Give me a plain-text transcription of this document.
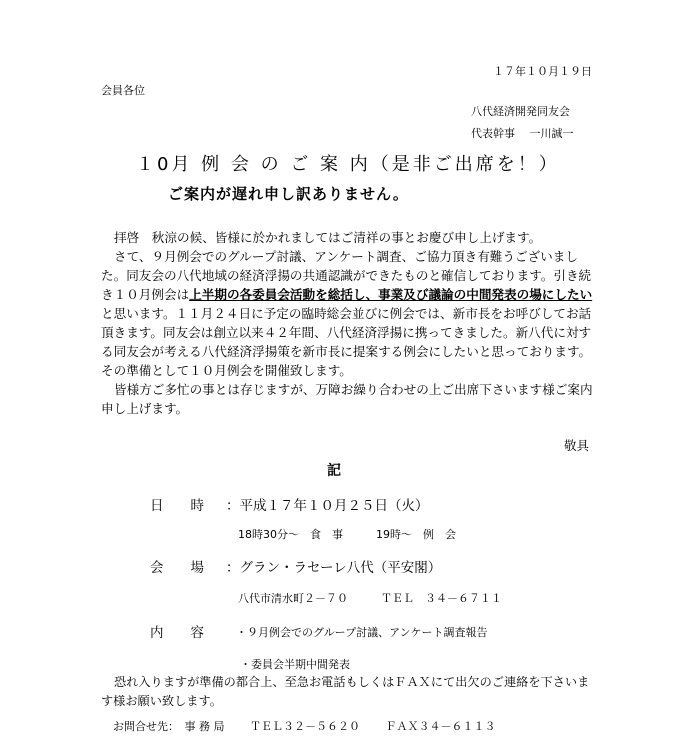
１７年１０月１９日
会員各位
八代経済開発同友会
代表幹事　 一川誠一
１0月 例 会 の ご 案 内（是非ご出席を！）
ご案内が遅れ申し訳ありません。

拝啓　秋涼の候、皆様に於かれましてはご清祥の事とお慶び申し上げます。

さて、９月例会でのグループ討議、アンケート調査、ご協力頂き有難うございました。同友会の八代地域の経済浮揚の共通認識ができたものと確信しております。引き続き１０月例会は上半期の各委員会活動を総括し、事業及び議論の中間発表の場にしたいと思います。１１月２４日に予定の臨時総会並びに例会では、新市長をお呼びしてお話頂きます。同友会は創立以来４２年間、八代経済浮揚に携ってきました。新八代に対する同友会が考える八代経済浮揚策を新市長に提案する例会にしたいと思っております。その準備として１０月例会を開催致します。

皆様方ご多忙の事とは存じますが、万障お繰り合わせの上ご出席下さいます様ご案内申し上げます。

敬具
記
日　　時 ：平成１７年１０月２５日（火）
18時30分～　食　事　　　19時～　例　会
会　　場 ：グラン・ラセーレ八代（平安閣）
八代市清水町２－７０　　　ＴＥＬ　３４－６７１１
内　　容	・９月例会でのグループ討議、アンケート調査報告
・委員会半期中間発表
恐れ入りますが準備の都合上、至急お電話もしくはＦＡＸにて出欠のご連絡を下さいます様お願い致します。
お問合せ先：　事 務 局　　 ＴＥＬ３２－５６２０　　 ＦＡＸ３４－６１１３
